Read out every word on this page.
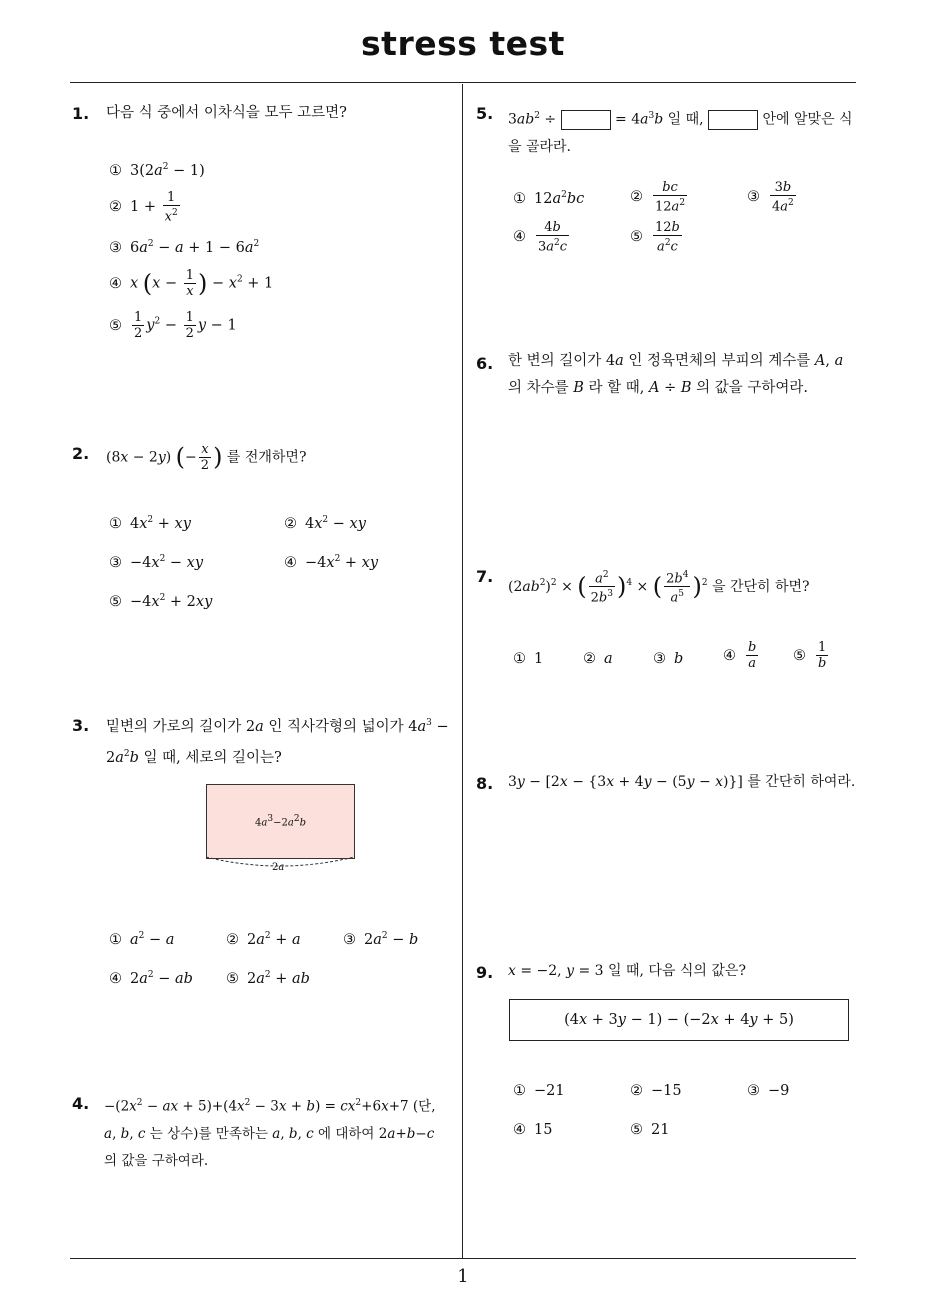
stress test
1
1. 다음 식 중에서 이차식을 모두 고르면?
① $3(2a^2 - 1)$
② $1 + \frac{1}{x^2}$
③ $6a^2 - a + 1 - 6a^2$
④ x ($x - \frac{1}{x}$ ) − $x^2 + 1$
⑤ $\frac{1}{2} y^2 - \frac{1}{2}$ y − 1
2. (8x − 2y) (− $\frac{x}{2}$ ) 를 전개하면?
① $4x^2$ + xy	② $4x^2$ − xy
③ $-4x^2$ − xy	④ $-4x^2$ + xy
⑤ $-4x^2 + 2xy$
3. 밑변의 가로의 길이가 2a 인 직사각형의 넓이가 $4a^3$ −
$2a^2b$ 일 때, 세로의 길이는?
$4a^3-2a^2b$
2a
① $a^2 - a$	② $2a^2 + a$	③ $2a^2 - b$
④ $2a^2$ − ab ⑤ $2a^2$ + ab
4. $-(2x^2$ − ax + $5)+(4x^2 - 3x + b) = cx^2+6x+7$ (단,
a, b, c 는 상수)를 만족하는 a, b, c 에 대하여 2a+b−c
의 값을 구하여라.
5. $3ab^2$ ÷	= $4a^3b$ 일 때,	안에 알맞은 식
을 골라라.
① $12a^2bc$	② $\frac{bc}{12a^2}$	③ $\frac{3b}{4a^2}$
④ $\frac{4b}{3a^2c}$	⑤ $\frac{12b}{a^2c}$
6. 한 변의 길이가 4a 인 정육면체의 부피의 계수를 A, a
의 차수를 B 라 할 때, A ÷ B 의 값을 구하여라.
7.
$(2ab^2)^2$ × ( $\frac{a^2}{2b^3} )^4$ × ( $\frac{2b^4}{a^5} )^2$ 을 간단히 하면?
① 1	② a	③ b	④ $\frac{b}{a}$ ⑤ $\frac{1}{b}$
8. 3y − [2x − {3x + 4y − (5y − x)}] 를 간단히 하여라.
9. x = −2, y = 3 일 때, 다음 식의 값은?
(4x + 3y − 1) − (−2x + 4y + 5)
① −21	② −15	③ −9
④ 15	⑤ 21
